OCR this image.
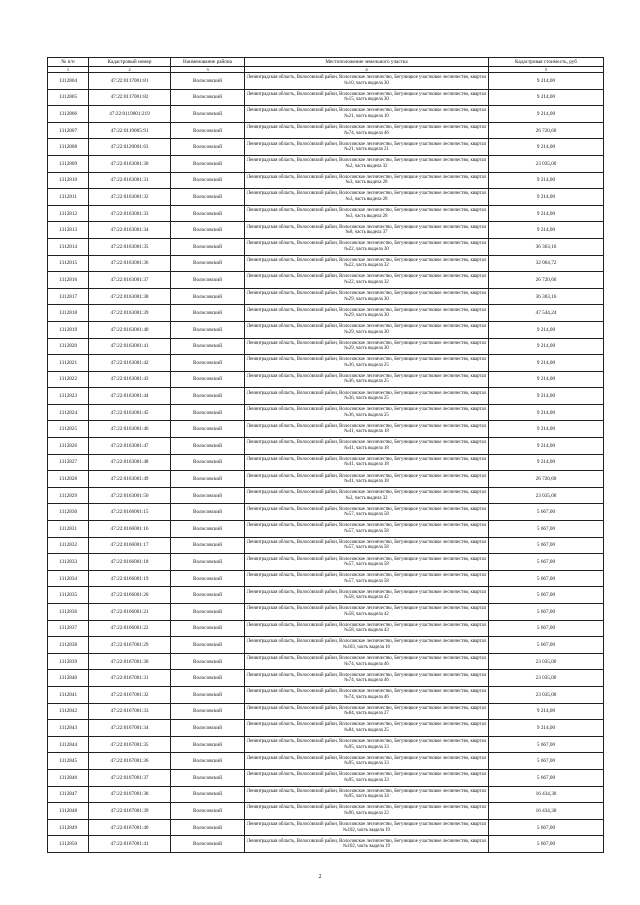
№ п/п	Кадастровый номер	Наименование района	Местоположение земельного участка	Кадастровая стоимость, руб
1	2	3	4	5
1312804	47:22:0117001:81	Волосовский	Ленинградская область, Волосовский район, Волосовское лесничество, Бегуницкое участковое лесничество, квартал №10, часть выдела 30	9 214,00
1312805	47:22:0117001:82	Волосовский	Ленинградская область, Волосовский район, Волосовское лесничество, Бегуницкое участковое лесничество, квартал №15, часть выдела 30	9 214,00
1312806	47:22:0119001:219	Волосовский	Ленинградская область, Волосовский район, Волосовское лесничество, Бегуницкое участковое лесничество, квартал №21, часть выдела 10	9 214,00
1312807	47:22:0119005:91	Волосовский	Ленинградская область, Волосовский район, Волосовское лесничество, Бегуницкое участковое лесничество, квартал №74, часть выдела 46	26 720,60
1312808	47:22:0120001:63	Волосовский	Ленинградская область, Волосовский район, Волосовское лесничество, Бегуницкое участковое лесничество, квартал №21, часть выдела 21	9 214,00
1312809	47:22:0163001:30	Волосовский	Ленинградская область, Волосовский район, Волосовское лесничество, Бегуницкое участковое лесничество, квартал №2, часть выдела 32	23 035,00
1312810	47:22:0163001:31	Волосовский	Ленинградская область, Волосовский район, Волосовское лесничество, Бегуницкое участковое лесничество, квартал №3, часть выдела 28	9 214,00
1312811	47:22:0163001:32	Волосовский	Ленинградская область, Волосовский район, Волосовское лесничество, Бегуницкое участковое лесничество, квартал №3, часть выдела 28	9 214,00
1312812	47:22:0163001:33	Волосовский	Ленинградская область, Волосовский район, Волосовское лесничество, Бегуницкое участковое лесничество, квартал №3, часть выдела 28	9 214,00
1312813	47:22:0163001:34	Волосовский	Ленинградская область, Волосовский район, Волосовское лесничество, Бегуницкое участковое лесничество, квартал №8, часть выдела 37	9 214,00
1312814	47:22:0163001:35	Волосовский	Ленинградская область, Волосовский район, Волосовское лесничество, Бегуницкое участковое лесничество, квартал №22, часть выдела 30	36 363,16
1312815	47:22:0163001:36	Волосовский	Ленинградская область, Волосовский район, Волосовское лесничество, Бегуницкое участковое лесничество, квартал №22, часть выдела 32	32 064,72
1312816	47:22:0163001:37	Волосовский	Ленинградская область, Волосовский район, Волосовское лесничество, Бегуницкое участковое лесничество, квартал №22, часть выдела 32	26 720,60
1312817	47:22:0163001:38	Волосовский	Ленинградская область, Волосовский район, Волосовское лесничество, Бегуницкое участковое лесничество, квартал №29, часть выдела 30	36 303,16
1312818	47:22:0163001:39	Волосовский	Ленинградская область, Волосовский район, Волосовское лесничество, Бегуницкое участковое лесничество, квартал №29, часть выдела 30	47 544,24
1312819	47:22:0163001:40	Волосовский	Ленинградская область, Волосовский район, Волосовское лесничество, Бегуницкое участковое лесничество, квартал №29, часть выдела 30	9 214,00
1312820	47:22:0163001:41	Волосовский	Ленинградская область, Волосовский район, Волосовское лесничество, Бегуницкое участковое лесничество, квартал №29, часть выдела 30	9 214,00
1312821	47:22:0163001:42	Волосовский	Ленинградская область, Волосовский район, Волосовское лесничество, Бегуницкое участковое лесничество, квартал №36, часть выдела 25	9 214,00
1312822	47:22:0163001:43	Волосовский	Ленинградская область, Волосовский район, Волосовское лесничество, Бегуницкое участковое лесничество, квартал №36, часть выдела 25	9 214,00
1312823	47:22:0163001:44	Волосовский	Ленинградская область, Волосовский район, Волосовское лесничество, Бегуницкое участковое лесничество, квартал №36, часть выдела 25	9 214,00
1312824	47:22:0163001:45	Волосовский	Ленинградская область, Волосовский район, Волосовское лесничество, Бегуницкое участковое лесничество, квартал №36, часть выдела 25	9 214,00
1312825	47:22:0163001:46	Волосовский	Ленинградская область, Волосовский район, Волосовское лесничество, Бегуницкое участковое лесничество, квартал №41, часть выдела 18	9 214,00
1312826	47:22:0163001:47	Волосовский	Ленинградская область, Волосовский район, Волосовское лесничество, Бегуницкое участковое лесничество, квартал №41, часть выдела 18	9 214,00
1312827	47:22:0163001:48	Волосовский	Ленинградская область, Волосовский район, Волосовское лесничество, Бегуницкое участковое лесничество, квартал №41, часть выдела 18	9 214,00
1312828	47:22:0163001:49	Волосовский	Ленинградская область, Волосовский район, Волосовское лесничество, Бегуницкое участковое лесничество, квартал №41, часть выдела 18	26 720,60
1312829	47:22:0163001:50	Волосовский	Ленинградская область, Волосовский район, Волосовское лесничество, Бегуницкое участковое лесничество, квартал №2, часть выдела 32	23 035,00
1312830	47:22:0166001:15	Волосовский	Ленинградская область, Волосовский район, Волосовское лесничество, Бегуницкое участковое лесничество, квартал №57, часть выдела 58	5 667,00
1312831	47:22:0166001:16	Волосовский	Ленинградская область, Волосовский район, Волосовское лесничество, Бегуницкое участковое лесничество, квартал №57, часть выдела 58	5 667,00
1312832	47:22:0166001:17	Волосовский	Ленинградская область, Волосовский район, Волосовское лесничество, Бегуницкое участковое лесничество, квартал №57, часть выдела 58	5 667,00
1312833	47:22:0166001:18	Волосовский	Ленинградская область, Волосовский район, Волосовское лесничество, Бегуницкое участковое лесничество, квартал №57, часть выдела 58	5 667,00
1312834	47:22:0166001:19	Волосовский	Ленинградская область, Волосовский район, Волосовское лесничество, Бегуницкое участковое лесничество, квартал №57, часть выдела 58	5 667,00
1312835	47:22:0166001:20	Волосовский	Ленинградская область, Волосовский район, Волосовское лесничество, Бегуницкое участковое лесничество, квартал №58, часть выдела 42	5 667,00
1312836	47:22:0166001:21	Волосовский	Ленинградская область, Волосовский район, Волосовское лесничество, Бегуницкое участковое лесничество, квартал №58, часть выдела 42	5 667,00
1312837	47:22:0166001:22	Волосовский	Ленинградская область, Волосовский район, Волосовское лесничество, Бегуницкое участковое лесничество, квартал №58, часть выдела 43	5 667,00
1312838	47:22:0167001:29	Волосовский	Ленинградская область, Волосовский район, Волосовское лесничество, Бегуницкое участковое лесничество, квартал №103, часть выдела 16	5 667,00
1312839	47:22:0167001:30	Волосовский	Ленинградская область, Волосовский район, Волосовское лесничество, Бегуницкое участковое лесничество, квартал №74, часть выдела 46	23 035,00
1312840	47:22:0167001:31	Волосовский	Ленинградская область, Волосовский район, Волосовское лесничество, Бегуницкое участковое лесничество, квартал №74, часть выдела 46	23 035,00
1312841	47:22:0167001:32	Волосовский	Ленинградская область, Волосовский район, Волосовское лесничество, Бегуницкое участковое лесничество, квартал №74, часть выдела 46	23 035,00
1312842	47:22:0167001:33	Волосовский	Ленинградская область, Волосовский район, Волосовское лесничество, Бегуницкое участковое лесничество, квартал №84, часть выдела 27	9 214,00
1312843	47:22:0167001:34	Волосовский	Ленинградская область, Волосовский район, Волосовское лесничество, Бегуницкое участковое лесничество, квартал №84, часть выдела 25	9 214,00
1312844	47:22:0167001:35	Волосовский	Ленинградская область, Волосовский район, Волосовское лесничество, Бегуницкое участковое лесничество, квартал №95, часть выдела 33	5 667,00
1312845	47:22:0167001:36	Волосовский	Ленинградская область, Волосовский район, Волосовское лесничество, Бегуницкое участковое лесничество, квартал №95, часть выдела 33	5 667,00
1312846	47:22:0167001:37	Волосовский	Ленинградская область, Волосовский район, Волосовское лесничество, Бегуницкое участковое лесничество, квартал №95, часть выдела 33	5 667,00
1312847	47:22:0167001:38	Волосовский	Ленинградская область, Волосовский район, Волосовское лесничество, Бегуницкое участковое лесничество, квартал №95, часть выдела 34	16 434,30
1312848	47:22:0167001:39	Волосовский	Ленинградская область, Волосовский район, Волосовское лесничество, Бегуницкое участковое лесничество, квартал №96, часть выдела 22	16 434,30
1312849	47:22:0167001:40	Волосовский	Ленинградская область, Волосовский район, Волосовское лесничество, Бегуницкое участковое лесничество, квартал №102, часть выдела 19	5 667,00
1312850	47:22:0167001:41	Волосовский	Ленинградская область, Волосовский район, Волосовское лесничество, Бегуницкое участковое лесничество, квартал №102, часть выдела 19	5 667,00
2
